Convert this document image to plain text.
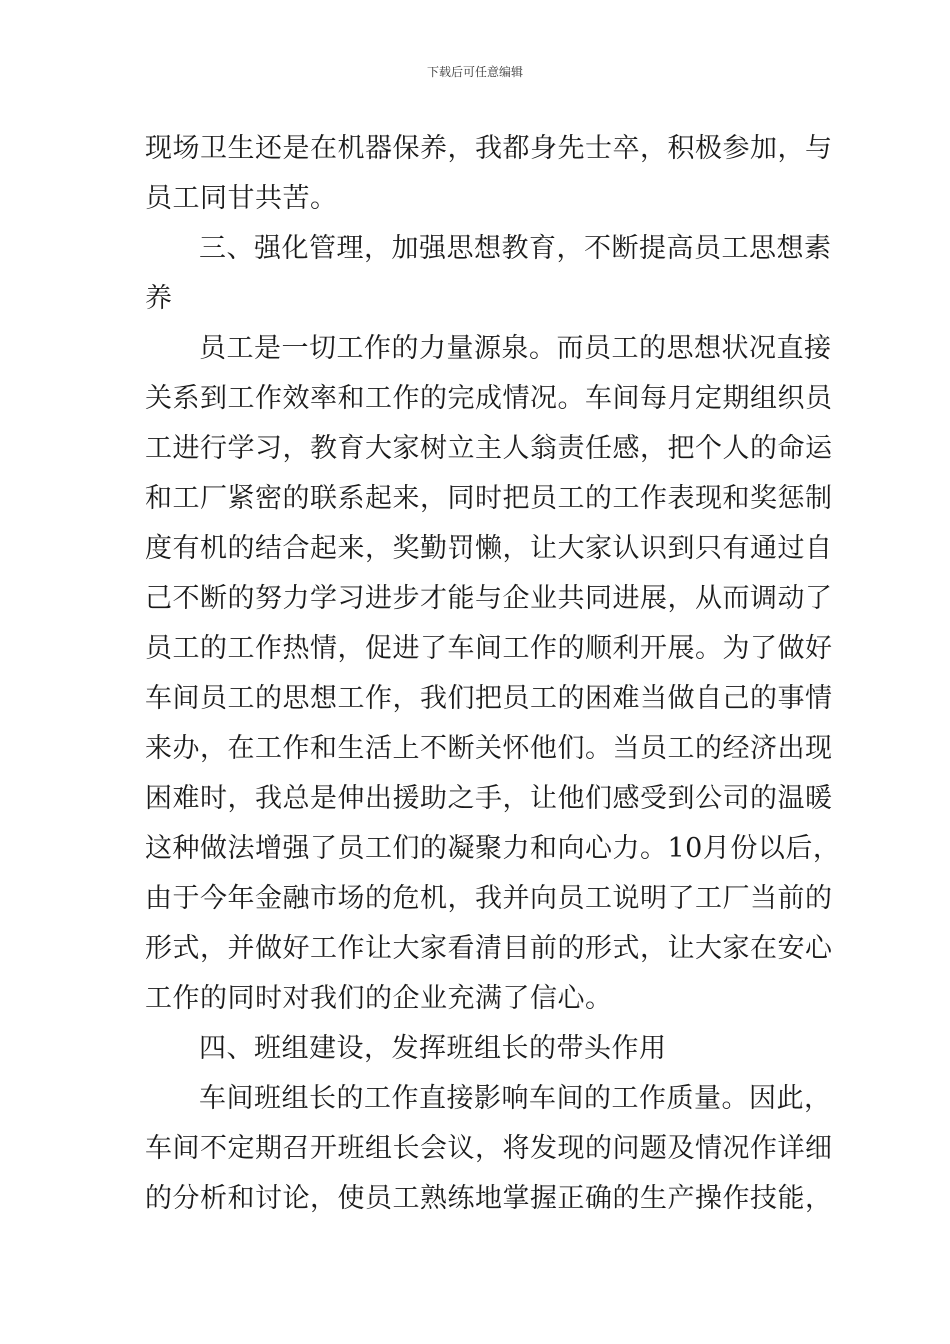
下载后可任意编辑
现场卫生还是在机器保养，我都身先士卒，积极参加，与
员工同甘共苦。
三、强化管理，加强思想教育，不断提高员工思想素
养
员工是一切工作的力量源泉。而员工的思想状况直接
关系到工作效率和工作的完成情况。车间每月定期组织员
工进行学习，教育大家树立主人翁责任感，把个人的命运
和工厂紧密的联系起来，同时把员工的工作表现和奖惩制
度有机的结合起来，奖勤罚懒，让大家认识到只有通过自
己不断的努力学习进步才能与企业共同进展，从而调动了
员工的工作热情，促进了车间工作的顺利开展。为了做好
车间员工的思想工作，我们把员工的困难当做自己的事情
来办，在工作和生活上不断关怀他们。当员工的经济出现
困难时，我总是伸出援助之手，让他们感受到公司的温暖
这种做法增强了员工们的凝聚力和向心力。10月份以后，
由于今年金融市场的危机，我并向员工说明了工厂当前的
形式，并做好工作让大家看清目前的形式，让大家在安心
工作的同时对我们的企业充满了信心。
四、班组建设，发挥班组长的带头作用
车间班组长的工作直接影响车间的工作质量。因此，
车间不定期召开班组长会议，将发现的问题及情况作详细
的分析和讨论，使员工熟练地掌握正确的生产操作技能，
